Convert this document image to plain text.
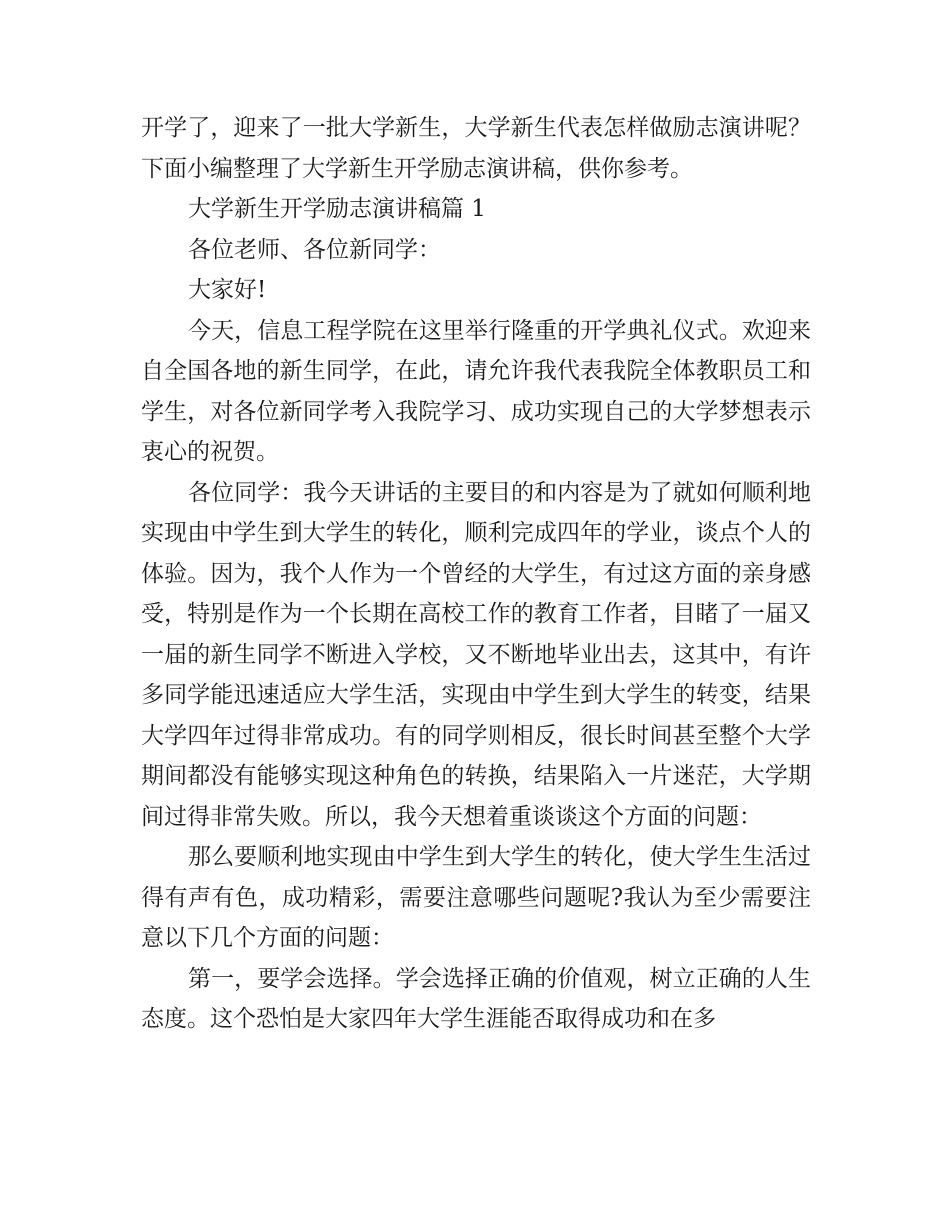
开学了，迎来了一批大学新生，大学新生代表怎样做励志演讲呢？下面小编整理了大学新生开学励志演讲稿，供你参考。

大学新生开学励志演讲稿篇 1

各位老师、各位新同学：

大家好!

今天，信息工程学院在这里举行隆重的开学典礼仪式。欢迎来自全国各地的新生同学，在此，请允许我代表我院全体教职员工和学生，对各位新同学考入我院学习、成功实现自己的大学梦想表示衷心的祝贺。

各位同学：我今天讲话的主要目的和内容是为了就如何顺利地实现由中学生到大学生的转化，顺利完成四年的学业，谈点个人的体验。因为，我个人作为一个曾经的大学生，有过这方面的亲身感受，特别是作为一个长期在高校工作的教育工作者，目睹了一届又一届的新生同学不断进入学校，又不断地毕业出去，这其中，有许多同学能迅速适应大学生活，实现由中学生到大学生的转变，结果大学四年过得非常成功。有的同学则相反，很长时间甚至整个大学期间都没有能够实现这种角色的转换，结果陷入一片迷茫，大学期间过得非常失败。所以，我今天想着重谈谈这个方面的问题：

那么要顺利地实现由中学生到大学生的转化，使大学生生活过得有声有色，成功精彩，需要注意哪些问题呢?我认为至少需要注意以下几个方面的问题：

第一，要学会选择。学会选择正确的价值观，树立正确的人生态度。这个恐怕是大家四年大学生涯能否取得成功和在多
